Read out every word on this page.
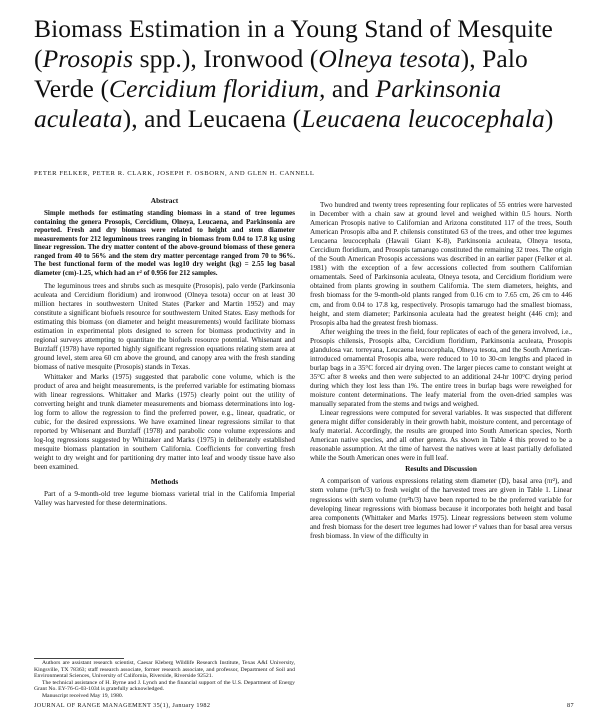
Biomass Estimation in a Young Stand of Mesquite (Prosopis spp.), Ironwood (Olneya tesota), Palo Verde (Cercidium floridium, and Parkinsonia aculeata), and Leucaena (Leucaena leucocephala)
PETER FELKER, PETER R. CLARK, JOSEPH F. OSBORN, AND GLEN H. CANNELL
Abstract

Simple methods for estimating standing biomass in a stand of tree legumes containing the genera Prosopis, Cercidium, Olneya, Leucaena, and Parkinsonia are reported. Fresh and dry biomass were related to height and stem diameter measurements for 212 leguminous trees ranging in biomass from 0.04 to 17.8 kg using linear regression. The dry matter content of the above-ground biomass of these genera ranged from 40 to 56% and the stem dry matter percentage ranged from 70 to 96%. The best functional form of the model was log10 dry weight (kg) = 2.55 log basal diameter (cm)-1.25, which had an r² of 0.956 for 212 samples.

The leguminous trees and shrubs such as mesquite (Prosopis), palo verde (Parkinsonia aculeata and Cercidium floridium) and ironwood (Olneya tesota) occur on at least 30 million hectares in southwestern United States (Parker and Martin 1952) and may constitute a significant biofuels resource for southwestern United States. Easy methods for estimating this biomass (on diameter and height measurements) would facilitate biomass estimation in experimental plots designed to screen for biomass productivity and in regional surveys attempting to quantitate the biofuels resource potential. Whisenant and Burzlaff (1978) have reported highly significant regression equations relating stem area at ground level, stem area 60 cm above the ground, and canopy area with the fresh standing biomass of native mesquite (Prosopis) stands in Texas.

Whittaker and Marks (1975) suggested that parabolic cone volume, which is the product of area and height measurements, is the preferred variable for estimating biomass with linear regressions. Whittaker and Marks (1975) clearly point out the utility of converting height and trunk diameter measurements and biomass determinations into log-log form to allow the regression to find the preferred power, e.g., linear, quadratic, or cubic, for the desired expressions. We have examined linear regressions similar to that reported by Whisenant and Burzlaff (1978) and parabolic cone volume expressions and log-log regressions suggested by Whittaker and Marks (1975) in deliberately established mesquite biomass plantation in southern California. Coefficients for converting fresh weight to dry weight and for partitioning dry matter into leaf and woody tissue have also been examined.

Methods

Part of a 9-month-old tree legume biomass varietal trial in the California Imperial Valley was harvested for these determinations.

Authors are assistant research scientist, Caesar Kleberg Wildlife Research Institute, Texas A&I University, Kingsville, TX 78363; staff research associate, former research associate, and professor, Department of Soil and Environmental Sciences, University of California, Riverside, Riverside 92521.

The technical assistance of H. Byrne and J. Lynch and the financial support of the U.S. Department of Energy Grant No. EY-76-G-03-1034 is gratefully acknowledged.

Manuscript received May 19, 1980.

Two hundred and twenty trees representing four replicates of 55 entries were harvested in December with a chain saw at ground level and weighed within 0.5 hours. North American Prosopis native to Californian and Arizona constituted 117 of the trees, South American Prosopis alba and P. chilensis constituted 63 of the trees, and other tree legumes Leucaena leucocephala (Hawaii Giant K-8), Parkinsonia aculeata, Olneya tesota, Cercidium floridium, and Prosopis tamarugo constituted the remaining 32 trees. The origin of the South American Prosopis accessions was described in an earlier paper (Felker et al. 1981) with the exception of a few accessions collected from southern Californian ornamentals. Seed of Parkinsonia aculeata, Olneya tesota, and Cercidium floridium were obtained from plants growing in southern California. The stem diameters, heights, and fresh biomass for the 9-month-old plants ranged from 0.16 cm to 7.65 cm, 26 cm to 446 cm, and from 0.04 to 17.8 kg, respectively. Prosopis tamarugo had the smallest biomass, height, and stem diameter; Parkinsonia aculeata had the greatest height (446 cm); and Prosopis alba had the greatest fresh biomass.

After weighing the trees in the field, four replicates of each of the genera involved, i.e., Prosopis chilensis, Prosopis alba, Cercidium floridium, Parkinsonia aculeata, Prosopis glandulosa var. torreyana, Leucaena leucocephala, Olneya tesota, and the South American-introduced ornamental Prosopis alba, were reduced to 10 to 30-cm lengths and placed in burlap bags in a 35°C forced air drying oven. The larger pieces came to constant weight at 35°C after 8 weeks and then were subjected to an additional 24-hr 100°C drying period during which they lost less than 1%. The entire trees in burlap bags were reweighed for moisture content determinations. The leafy material from the oven-dried samples was manually separated from the stems and twigs and weighed.

Linear regressions were computed for several variables. It was suspected that different genera might differ considerably in their growth habit, moisture content, and percentage of leafy material. Accordingly, the results are grouped into South American species, North American native species, and all other genera. As shown in Table 4 this proved to be a reasonable assumption. At the time of harvest the natives were at least partially defoliated while the South American ones were in full leaf.

Results and Discussion

A comparison of various expressions relating stem diameter (D), basal area (πr²), and stem volume (πr²h/3) to fresh weight of the harvested trees are given in Table 1. Linear regressions with stem volume (πr²h/3) have been reported to be the preferred variable for developing linear regressions with biomass because it incorporates both height and basal area components (Whittaker and Marks 1975). Linear regressions between stem volume and fresh biomass for the desert tree legumes had lower r² values than for basal area versus fresh biomass. In view of the difficulty in

JOURNAL OF RANGE MANAGEMENT 35(1), January 1982	87
